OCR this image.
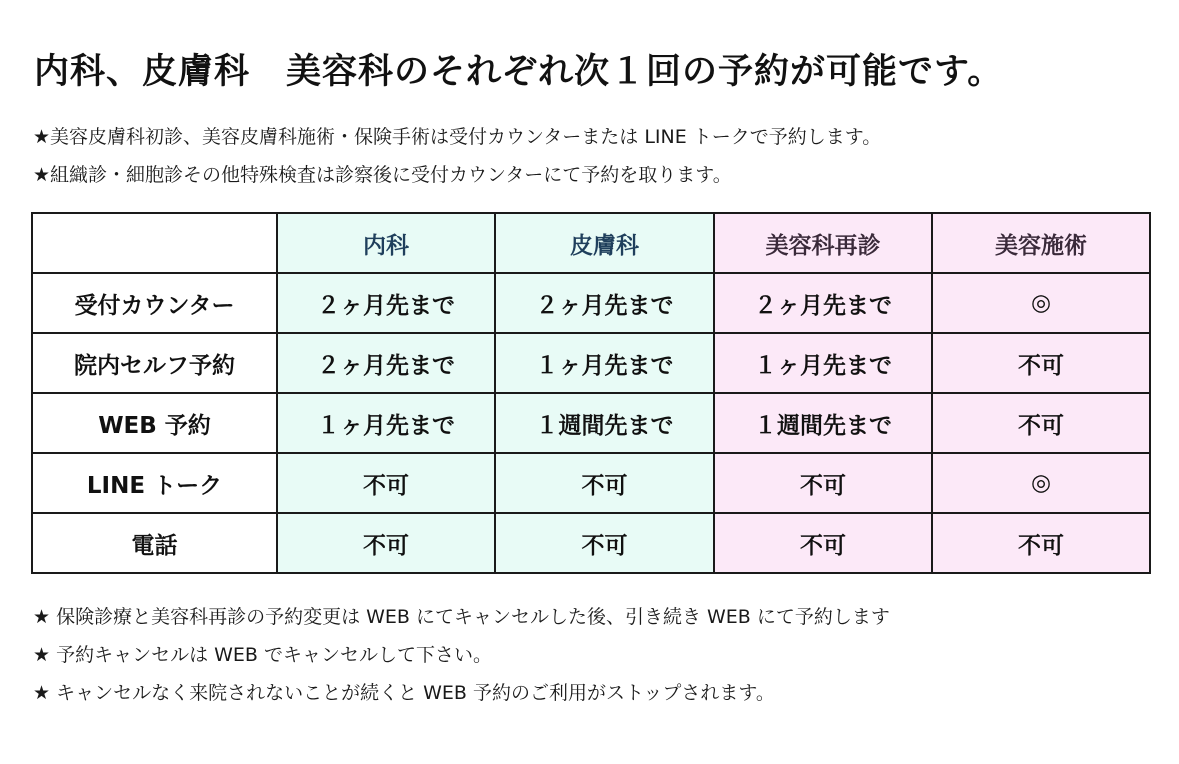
内科、皮膚科　美容科のそれぞれ次１回の予約が可能です。
★美容皮膚科初診、美容皮膚科施術・保険手術は受付カウンターまたは LINE トークで予約します。
★組織診・細胞診その他特殊検査は診察後に受付カウンターにて予約を取ります。
	内科	皮膚科	美容科再診	美容施術
受付カウンター	２ヶ月先まで	２ヶ月先まで	２ヶ月先まで	◎
院内セルフ予約	２ヶ月先まで	１ヶ月先まで	１ヶ月先まで	不可
WEB 予約	１ヶ月先まで	１週間先まで	１週間先まで	不可
LINE トーク	不可	不可	不可	◎
電話	不可	不可	不可	不可
★ 保険診療と美容科再診の予約変更は WEB にてキャンセルした後、引き続き WEB にて予約します
★ 予約キャンセルは WEB でキャンセルして下さい。
★ キャンセルなく来院されないことが続くと WEB 予約のご利用がストップされます。
